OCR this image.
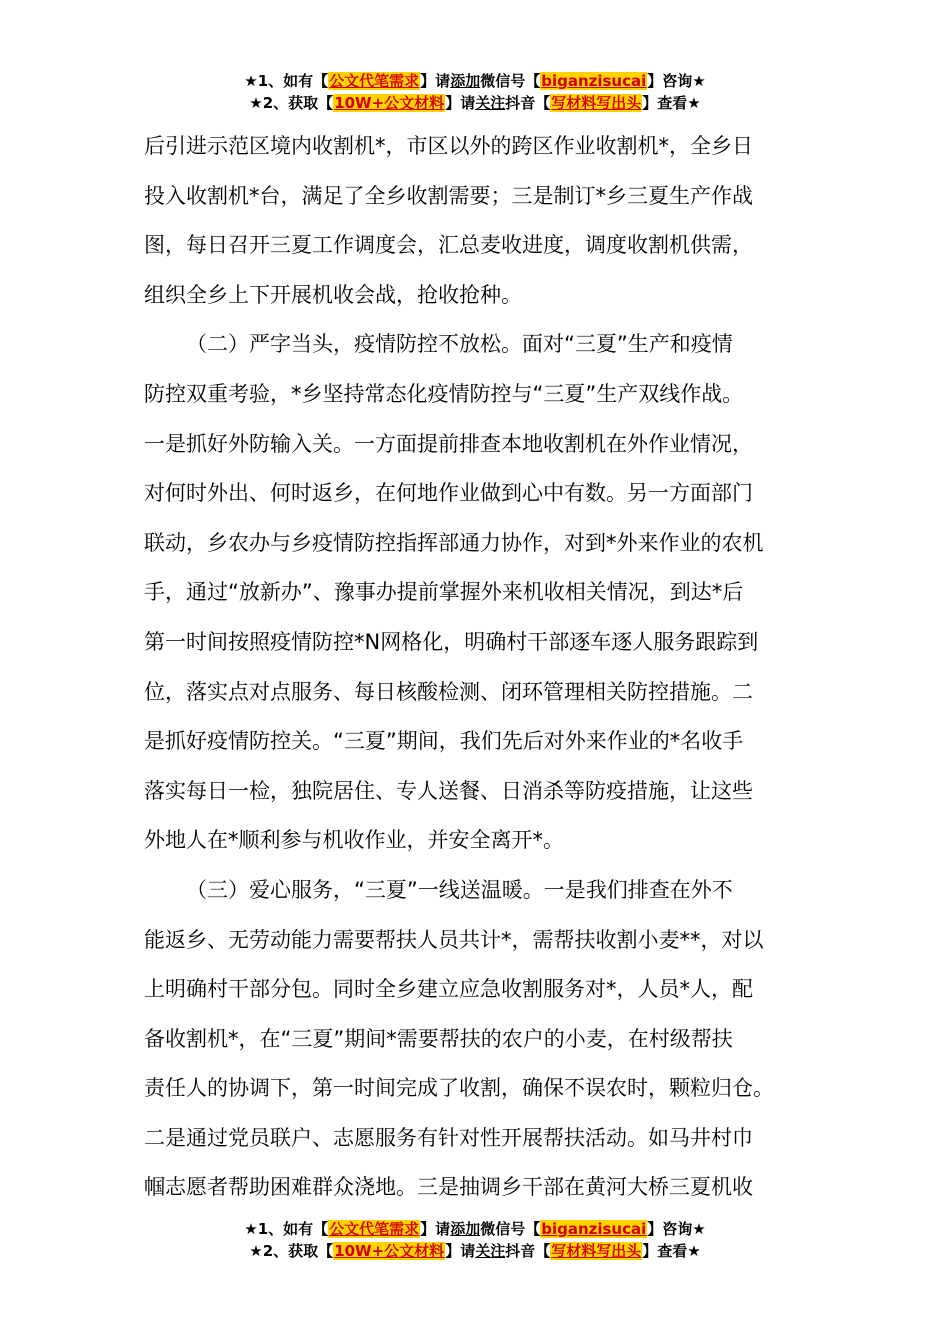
★1、如有【公文代笔需求】请添加微信号【biganzisucai】咨询★
★2、获取【10W+公文材料】请关注抖音【写材料写出头】查看★

后引进示范区境内收割机*，市区以外的跨区作业收割机*，全乡日
投入收割机*台，满足了全乡收割需要；三是制订*乡三夏生产作战
图，每日召开三夏工作调度会，汇总麦收进度，调度收割机供需，
组织全乡上下开展机收会战，抢收抢种。

（二）严字当头，疫情防控不放松。面对“三夏”生产和疫情
防控双重考验，*乡坚持常态化疫情防控与“三夏”生产双线作战。
一是抓好外防输入关。一方面提前排查本地收割机在外作业情况，
对何时外出、何时返乡，在何地作业做到心中有数。另一方面部门
联动，乡农办与乡疫情防控指挥部通力协作，对到*外来作业的农机
手，通过“放新办”、豫事办提前掌握外来机收相关情况，到达*后
第一时间按照疫情防控*N网格化，明确村干部逐车逐人服务跟踪到
位，落实点对点服务、每日核酸检测、闭环管理相关防控措施。二
是抓好疫情防控关。“三夏”期间，我们先后对外来作业的*名收手
落实每日一检，独院居住、专人送餐、日消杀等防疫措施，让这些
外地人在*顺利参与机收作业，并安全离开*。

（三）爱心服务，“三夏”一线送温暖。一是我们排查在外不
能返乡、无劳动能力需要帮扶人员共计*，需帮扶收割小麦**，对以
上明确村干部分包。同时全乡建立应急收割服务对*，人员*人，配
备收割机*，在“三夏”期间*需要帮扶的农户的小麦，在村级帮扶
责任人的协调下，第一时间完成了收割，确保不误农时，颗粒归仓。
二是通过党员联户、志愿服务有针对性开展帮扶活动。如马井村巾
帼志愿者帮助困难群众浇地。三是抽调乡干部在黄河大桥三夏机收

★1、如有【公文代笔需求】请添加微信号【biganzisucai】咨询★
★2、获取【10W+公文材料】请关注抖音【写材料写出头】查看★
